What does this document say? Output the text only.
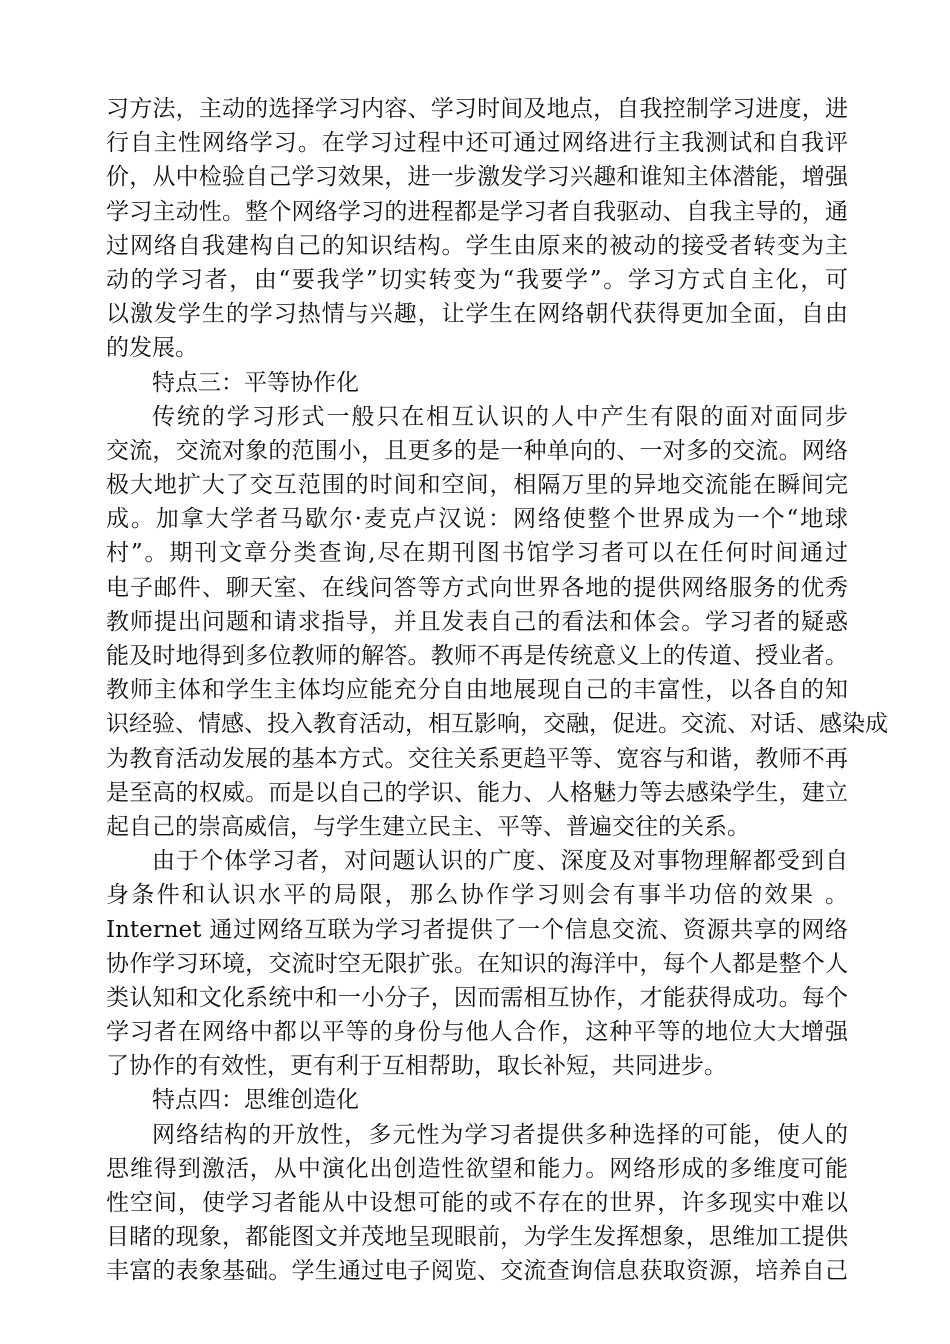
习方法，主动的选择学习内容、学习时间及地点，自我控制学习进度，进
行自主性网络学习。在学习过程中还可通过网络进行主我测试和自我评
价，从中检验自己学习效果，进一步激发学习兴趣和谁知主体潜能，增强
学习主动性。整个网络学习的进程都是学习者自我驱动、自我主导的，通
过网络自我建构自己的知识结构。学生由原来的被动的接受者转变为主
动的学习者，由“要我学”切实转变为“我要学”。学习方式自主化，可
以激发学生的学习热情与兴趣，让学生在网络朝代获得更加全面，自由
的发展。
特点三：平等协作化
传统的学习形式一般只在相互认识的人中产生有限的面对面同步
交流，交流对象的范围小，且更多的是一种单向的、一对多的交流。网络
极大地扩大了交互范围的时间和空间，相隔万里的异地交流能在瞬间完
成。加拿大学者马歇尔·麦克卢汉说：网络使整个世界成为一个“地球
村”。期刊文章分类查询,尽在期刊图书馆学习者可以在任何时间通过
电子邮件、聊天室、在线问答等方式向世界各地的提供网络服务的优秀
教师提出问题和请求指导，并且发表自己的看法和体会。学习者的疑惑
能及时地得到多位教师的解答。教师不再是传统意义上的传道、授业者。
教师主体和学生主体均应能充分自由地展现自己的丰富性，以各自的知
识经验、情感、投入教育活动，相互影响，交融，促进。交流、对话、感染成
为教育活动发展的基本方式。交往关系更趋平等、宽容与和谐，教师不再
是至高的权威。而是以自己的学识、能力、人格魅力等去感染学生，建立
起自己的崇高威信，与学生建立民主、平等、普遍交往的关系。
由于个体学习者，对问题认识的广度、深度及对事物理解都受到自
身条件和认识水平的局限，那么协作学习则会有事半功倍的效果 。
Internet 通过网络互联为学习者提供了一个信息交流、资源共享的网络
协作学习环境，交流时空无限扩张。在知识的海洋中，每个人都是整个人
类认知和文化系统中和一小分子，因而需相互协作，才能获得成功。每个
学习者在网络中都以平等的身份与他人合作，这种平等的地位大大增强
了协作的有效性，更有利于互相帮助，取长补短，共同进步。
特点四：思维创造化
网络结构的开放性，多元性为学习者提供多种选择的可能，使人的
思维得到激活，从中演化出创造性欲望和能力。网络形成的多维度可能
性空间，使学习者能从中设想可能的或不存在的世界，许多现实中难以
目睹的现象，都能图文并茂地呈现眼前，为学生发挥想象，思维加工提供
丰富的表象基础。学生通过电子阅览、交流查询信息获取资源，培养自己
